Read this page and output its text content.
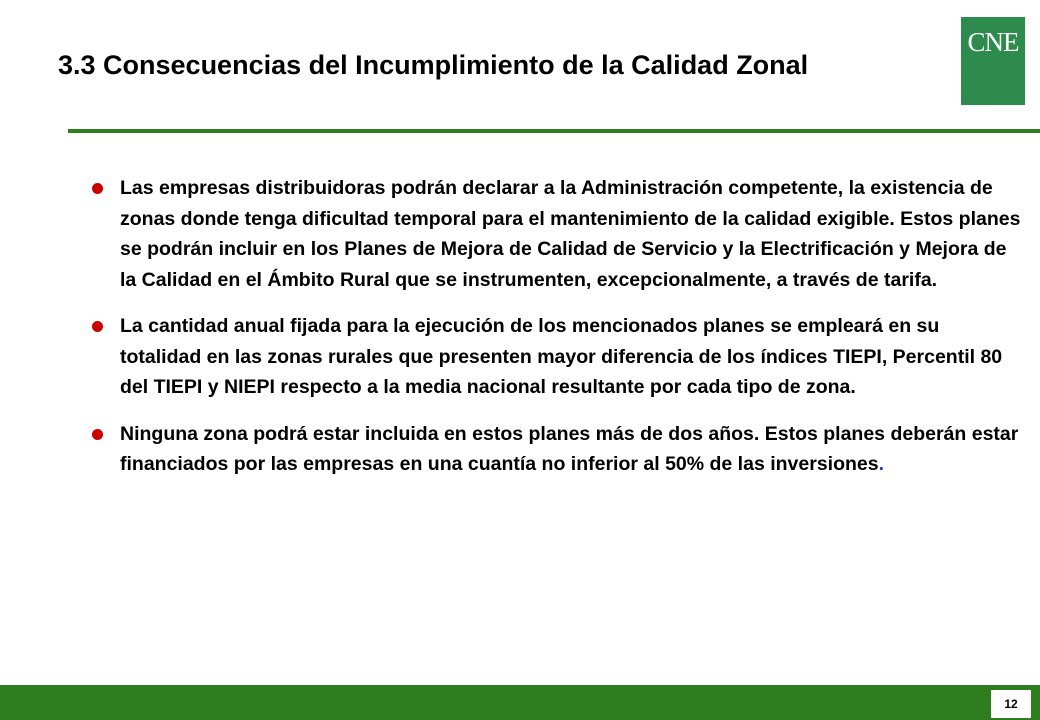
3.3 Consecuencias del Incumplimiento de la Calidad Zonal
CNE
Las empresas distribuidoras podrán declarar a la Administración competente, la existencia de zonas donde tenga dificultad temporal para el mantenimiento de la calidad exigible. Estos planes se podrán incluir en los Planes de Mejora de Calidad de Servicio y la Electrificación y Mejora de la Calidad en el Ámbito Rural que se instrumenten, excepcionalmente, a través de tarifa.
La cantidad anual fijada para la ejecución de los mencionados planes se empleará en su totalidad en las zonas rurales que presenten mayor diferencia de los índices TIEPI, Percentil 80 del TIEPI y NIEPI respecto a la media nacional resultante por cada tipo de zona.
Ninguna zona podrá estar incluida en estos planes más de dos años. Estos planes deberán estar financiados por las empresas en una cuantía no inferior al 50% de las inversiones.
12
